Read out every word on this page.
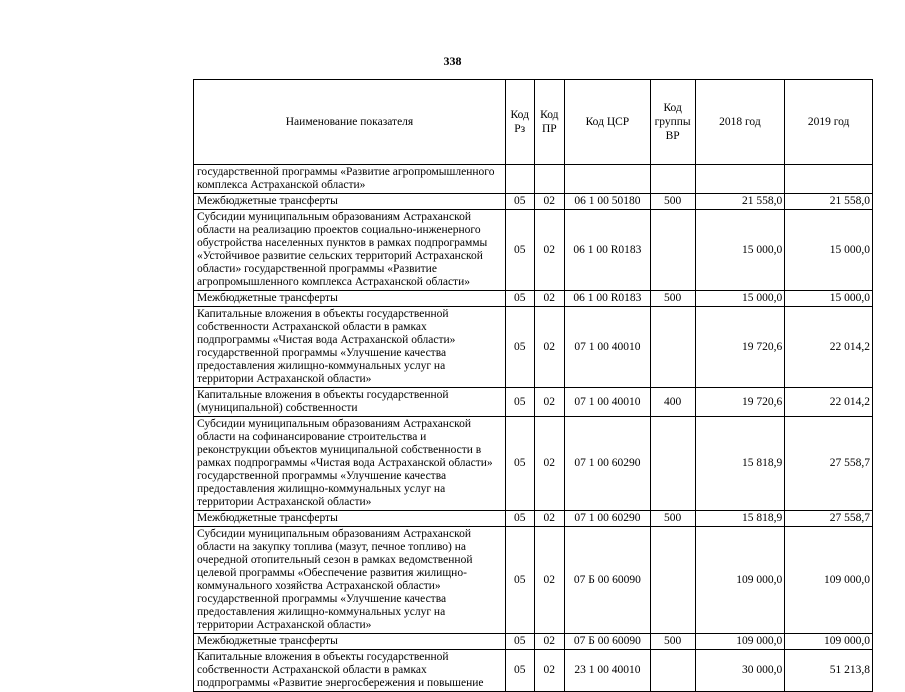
338
Наименование показателя	Код Рз	Код ПР	Код ЦСР	Код группы ВР	2018 год	2019 год
государственной программы «Развитие агропромышленного комплекса Астраханской области»						
Межбюджетные трансферты	05	02	06 1 00 50180	500	21 558,0	21 558,0
Субсидии муниципальным образованиям Астраханской области на реализацию проектов социально-инженерного обустройства населенных пунктов в рамках подпрограммы «Устойчивое развитие сельских территорий Астраханской области» государственной программы «Развитие агропромышленного комплекса Астраханской области»	05	02	06 1 00 R0183		15 000,0	15 000,0
Межбюджетные трансферты	05	02	06 1 00 R0183	500	15 000,0	15 000,0
Капитальные вложения в объекты государственной собственности Астраханской области в рамках подпрограммы «Чистая вода Астраханской области» государственной программы «Улучшение качества предоставления жилищно-коммунальных услуг на территории Астраханской области»	05	02	07 1 00 40010		19 720,6	22 014,2
Капитальные вложения в объекты государственной (муниципальной) собственности	05	02	07 1 00 40010	400	19 720,6	22 014,2
Субсидии муниципальным образованиям Астраханской области на софинансирование строительства и реконструкции объектов муниципальной собственности в рамках подпрограммы «Чистая вода Астраханской области» государственной программы «Улучшение качества предоставления жилищно-коммунальных услуг на территории Астраханской области»	05	02	07 1 00 60290		15 818,9	27 558,7
Межбюджетные трансферты	05	02	07 1 00 60290	500	15 818,9	27 558,7
Субсидии муниципальным образованиям Астраханской области на закупку топлива (мазут, печное топливо) на очередной отопительный сезон в рамках ведомственной целевой программы «Обеспечение развития жилищно-коммунального хозяйства Астраханской области» государственной программы «Улучшение качества предоставления жилищно-коммунальных услуг на территории Астраханской области»	05	02	07 Б 00 60090		109 000,0	109 000,0
Межбюджетные трансферты	05	02	07 Б 00 60090	500	109 000,0	109 000,0
Капитальные вложения в объекты государственной собственности Астраханской области в рамках подпрограммы «Развитие энергосбережения и повышение	05	02	23 1 00 40010		30 000,0	51 213,8
